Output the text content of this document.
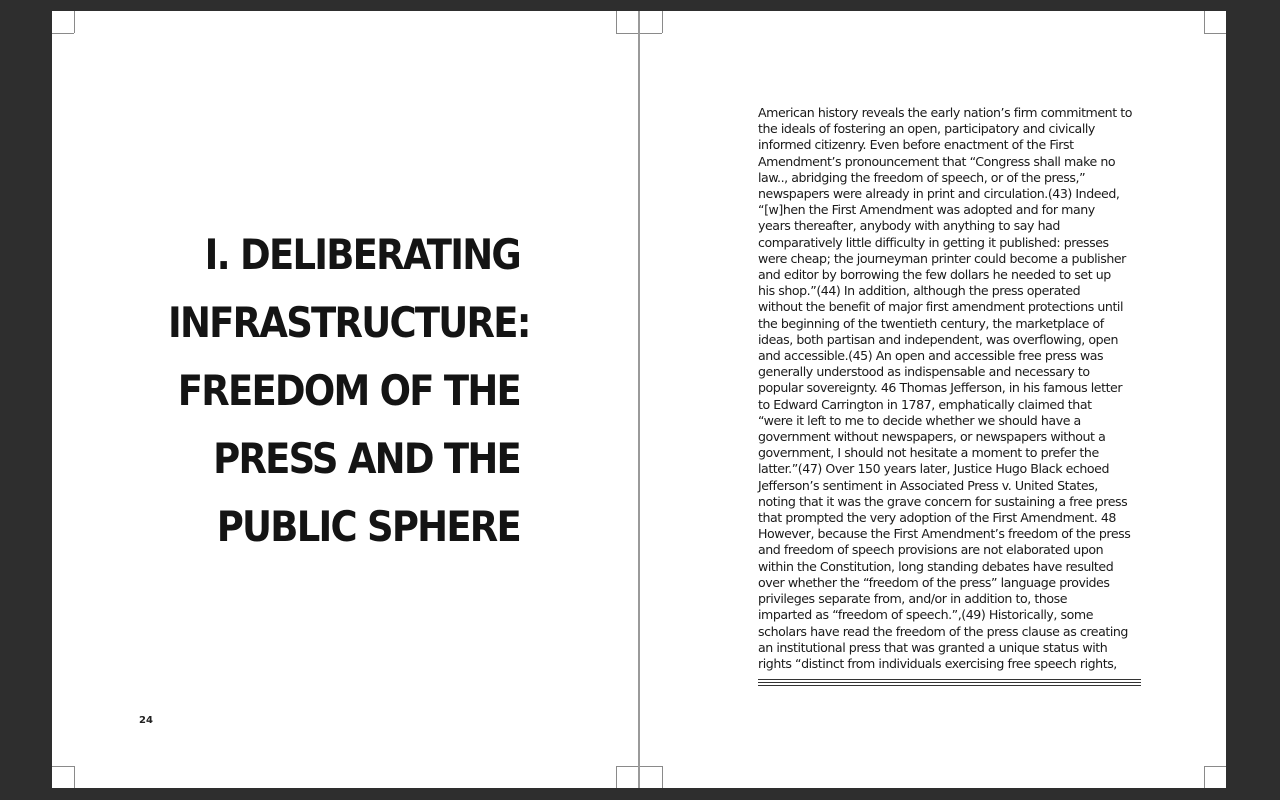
I. DELIBERATING
INFRASTRUCTURE:
FREEDOM OF THE
PRESS AND THE
PUBLIC SPHERE
24

American history reveals the early nation’s firm commitment to
the ideals of fostering an open, participatory and civically
informed citizenry. Even before enactment of the First
Amendment’s pronouncement that “Congress shall make no
law.., abridging the freedom of speech, or of the press,”
newspapers were already in print and circulation.(43) Indeed,
“[w]hen the First Amendment was adopted and for many
years thereafter, anybody with anything to say had
comparatively little difficulty in getting it published: presses
were cheap; the journeyman printer could become a publisher
and editor by borrowing the few dollars he needed to set up
his shop.”(44) In addition, although the press operated
without the benefit of major first amendment protections until
the beginning of the twentieth century, the marketplace of
ideas, both partisan and independent, was overflowing, open
and accessible.(45) An open and accessible free press was
generally understood as indispensable and necessary to
popular sovereignty. 46 Thomas Jefferson, in his famous letter
to Edward Carrington in 1787, emphatically claimed that
“were it left to me to decide whether we should have a
government without newspapers, or newspapers without a
government, I should not hesitate a moment to prefer the
latter.”(47) Over 150 years later, Justice Hugo Black echoed
Jefferson’s sentiment in Associated Press v. United States,
noting that it was the grave concern for sustaining a free press
that prompted the very adoption of the First Amendment. 48
However, because the First Amendment’s freedom of the press
and freedom of speech provisions are not elaborated upon
within the Constitution, long standing debates have resulted
over whether the “freedom of the press” language provides
privileges separate from, and/or in addition to, those
imparted as “freedom of speech.”,(49) Historically, some
scholars have read the freedom of the press clause as creating
an institutional press that was granted a unique status with
rights “distinct from individuals exercising free speech rights,
